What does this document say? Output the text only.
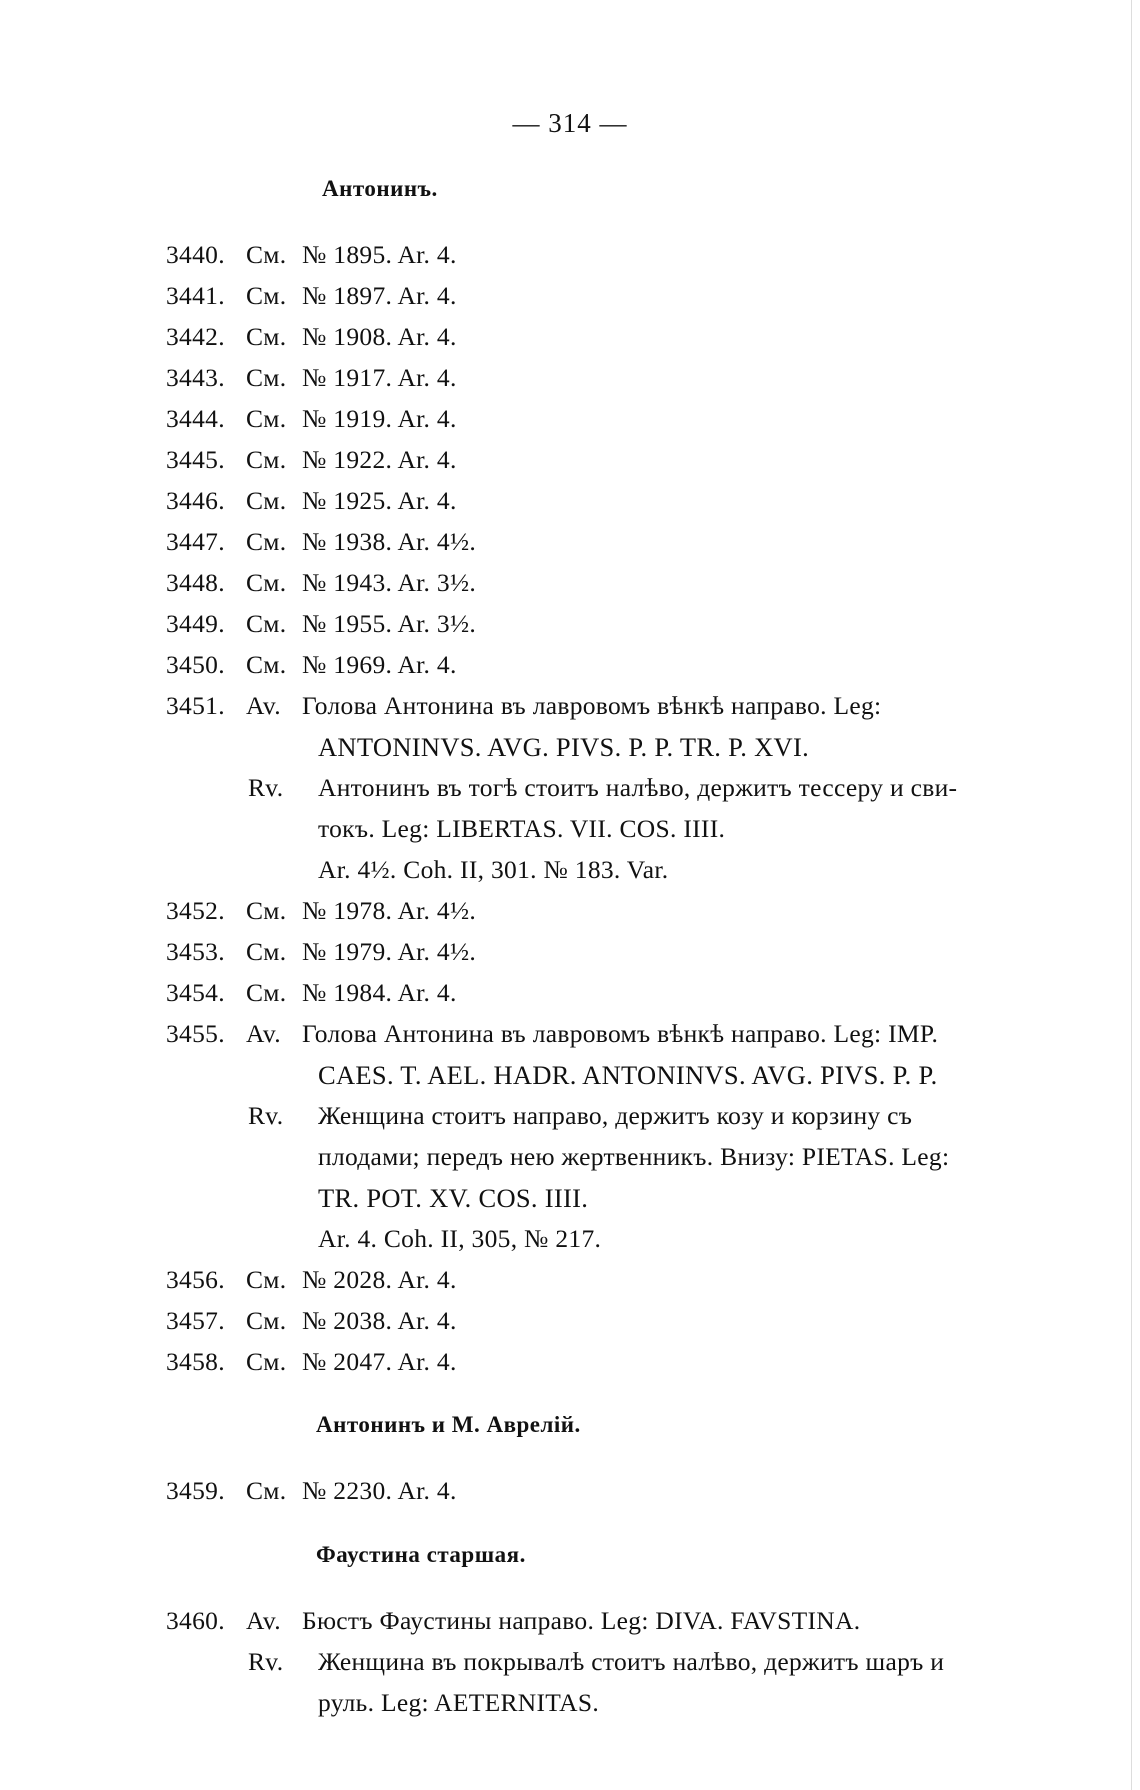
— 314 —
Антонинъ.
3440. См. № 1895. Ar. 4.
3441. См. № 1897. Ar. 4.
3442. См. № 1908. Ar. 4.
3443. См. № 1917. Ar. 4.
3444. См. № 1919. Ar. 4.
3445. См. № 1922. Ar. 4.
3446. См. № 1925. Ar. 4.
3447. См. № 1938. Ar. 4½.
3448. См. № 1943. Ar. 3½.
3449. См. № 1955. Ar. 3½.
3450. См. № 1969. Ar. 4.
3451. Av. Голова Антонина въ лавровомъ вѣнкѣ направо. Leg:
ANTONINVS. AVG. PIVS. P. P. TR. P. XVI.
Rv. Антонинъ въ тогѣ стоитъ налѣво, держитъ тессеру и сви-
токъ. Leg: LIBERTAS. VII. COS. IIII.
Ar. 4½. Coh. II, 301. № 183. Var.
3452. См. № 1978. Ar. 4½.
3453. См. № 1979. Ar. 4½.
3454. См. № 1984. Ar. 4.
3455. Av. Голова Антонина въ лавровомъ вѣнкѣ направо. Leg: IMP.
CAES. T. AEL. HADR. ANTONINVS. AVG. PIVS. P. P.
Rv. Женщина стоитъ направо, держитъ козу и корзину съ
плодами; передъ нею жертвенникъ. Внизу: PIETAS. Leg:
TR. POT. XV. COS. IIII.
Ar. 4. Coh. II, 305, № 217.
3456. См. № 2028. Ar. 4.
3457. См. № 2038. Ar. 4.
3458. См. № 2047. Ar. 4.
Антонинъ и М. Аврелій.
3459. См. № 2230. Ar. 4.
Фаустина старшая.
3460. Av. Бюстъ Фаустины направо. Leg: DIVA. FAVSTINA.
Rv. Женщина въ покрывалѣ стоитъ налѣво, держитъ шаръ и
руль. Leg: AETERNITAS.
